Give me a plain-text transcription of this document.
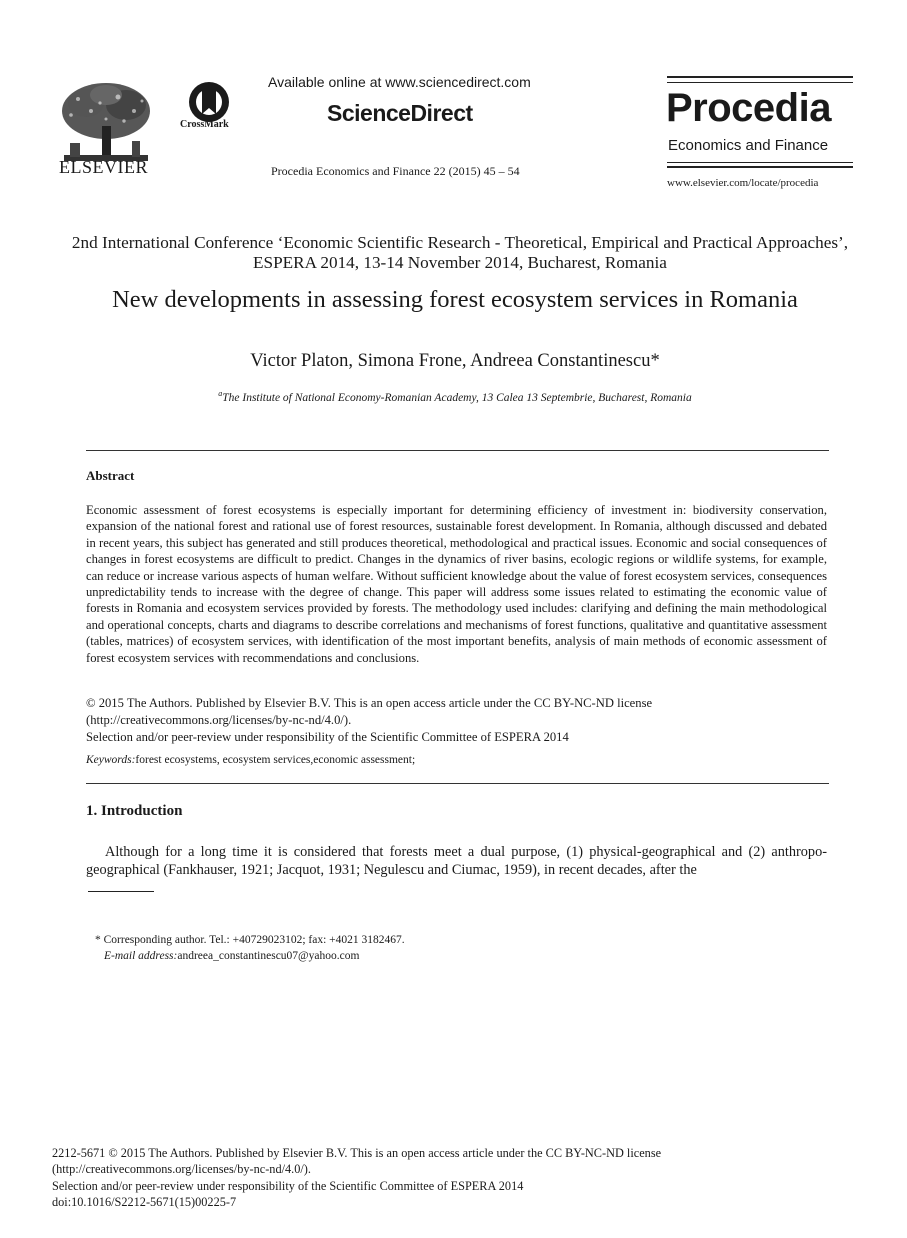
ELSEVIER
CrossMark
Available online at www.sciencedirect.com
ScienceDirect
Procedia Economics and Finance 22 (2015) 45 – 54
Procedia
Economics and Finance
www.elsevier.com/locate/procedia
2nd International Conference ‘Economic Scientific Research - Theoretical, Empirical and Practical Approaches’, ESPERA 2014, 13-14 November 2014, Bucharest, Romania
New developments in assessing forest ecosystem services in Romania
Victor Platon, Simona Frone, Andreea Constantinescu*
$^a$The Institute of National Economy-Romanian Academy, 13 Calea 13 Septembrie, Bucharest, Romania
Abstract

Economic assessment of forest ecosystems is especially important for determining efficiency of investment in: biodiversity conservation, expansion of the national forest and rational use of forest resources, sustainable forest development. In Romania, although discussed and debated in recent years, this subject has generated and still produces theoretical, methodological and practical issues. Economic and social consequences of changes in forest ecosystems are difficult to predict. Changes in the dynamics of river basins, ecologic regions or wildlife systems, for example, can reduce or increase various aspects of human welfare. Without sufficient knowledge about the value of forest ecosystem services, consequences unpredictability tends to increase with the degree of change. This paper will address some issues related to estimating the economic value of forests in Romania and ecosystem services provided by forests. The methodology used includes: clarifying and defining the main methodological and operational concepts, charts and diagrams to describe correlations and mechanisms of forest functions, qualitative and quantitative assessment (tables, matrices) of ecosystem services, with identification of the most important benefits, analysis of main methods of economic assessment of forest ecosystem services with recommendations and conclusions.

© 2015 The Authors. Published by Elsevier B.V. This is an open access article under the CC BY-NC-ND license

(http://creativecommons.org/licenses/by-nc-nd/4.0/).

Selection and/or peer-review under responsibility of the Scientific Committee of ESPERA 2014

Keywords:forest ecosystems, ecosystem services,economic assessment;
1. Introduction

Although for a long time it is considered that forests meet a dual purpose, (1) physical-geographical and (2) anthropo-geographical (Fankhauser, 1921; Jacquot, 1931; Negulescu and Ciumac, 1959), in recent decades, after the

* Corresponding author. Tel.: +40729023102; fax: +4021 3182467.
E-mail address:andreea_constantinescu07@yahoo.com

2212-5671 © 2015 The Authors. Published by Elsevier B.V. This is an open access article under the CC BY-NC-ND license

(http://creativecommons.org/licenses/by-nc-nd/4.0/).

Selection and/or peer-review under responsibility of the Scientific Committee of ESPERA 2014

doi:10.1016/S2212-5671(15)00225-7
